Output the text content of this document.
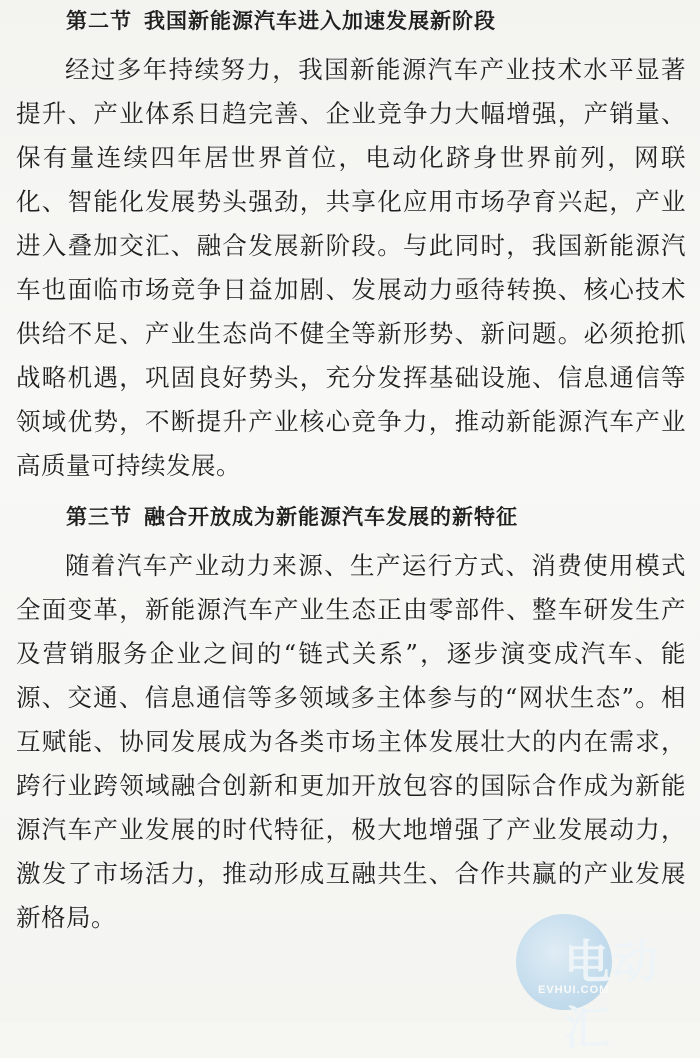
第二节 我国新能源汽车进入加速发展新阶段

经过多年持续努力，我国新能源汽车产业技术水平显著提升、产业体系日趋完善、企业竞争力大幅增强，产销量、保有量连续四年居世界首位，电动化跻身世界前列，网联化、智能化发展势头强劲，共享化应用市场孕育兴起，产业进入叠加交汇、融合发展新阶段。与此同时，我国新能源汽车也面临市场竞争日益加剧、发展动力亟待转换、核心技术供给不足、产业生态尚不健全等新形势、新问题。必须抢抓战略机遇，巩固良好势头，充分发挥基础设施、信息通信等领域优势，不断提升产业核心竞争力，推动新能源汽车产业高质量可持续发展。

第三节 融合开放成为新能源汽车发展的新特征

随着汽车产业动力来源、生产运行方式、消费使用模式全面变革，新能源汽车产业生态正由零部件、整车研发生产及营销服务企业之间的“链式关系”，逐步演变成汽车、能源、交通、信息通信等多领域多主体参与的“网状生态”。相互赋能、协同发展成为各类市场主体发展壮大的内在需求，跨行业跨领域融合创新和更加开放包容的国际合作成为新能源汽车产业发展的时代特征，极大地增强了产业发展动力，激发了市场活力，推动形成互融共生、合作共赢的产业发展新格局。

电动汇
EVHUI.COM
